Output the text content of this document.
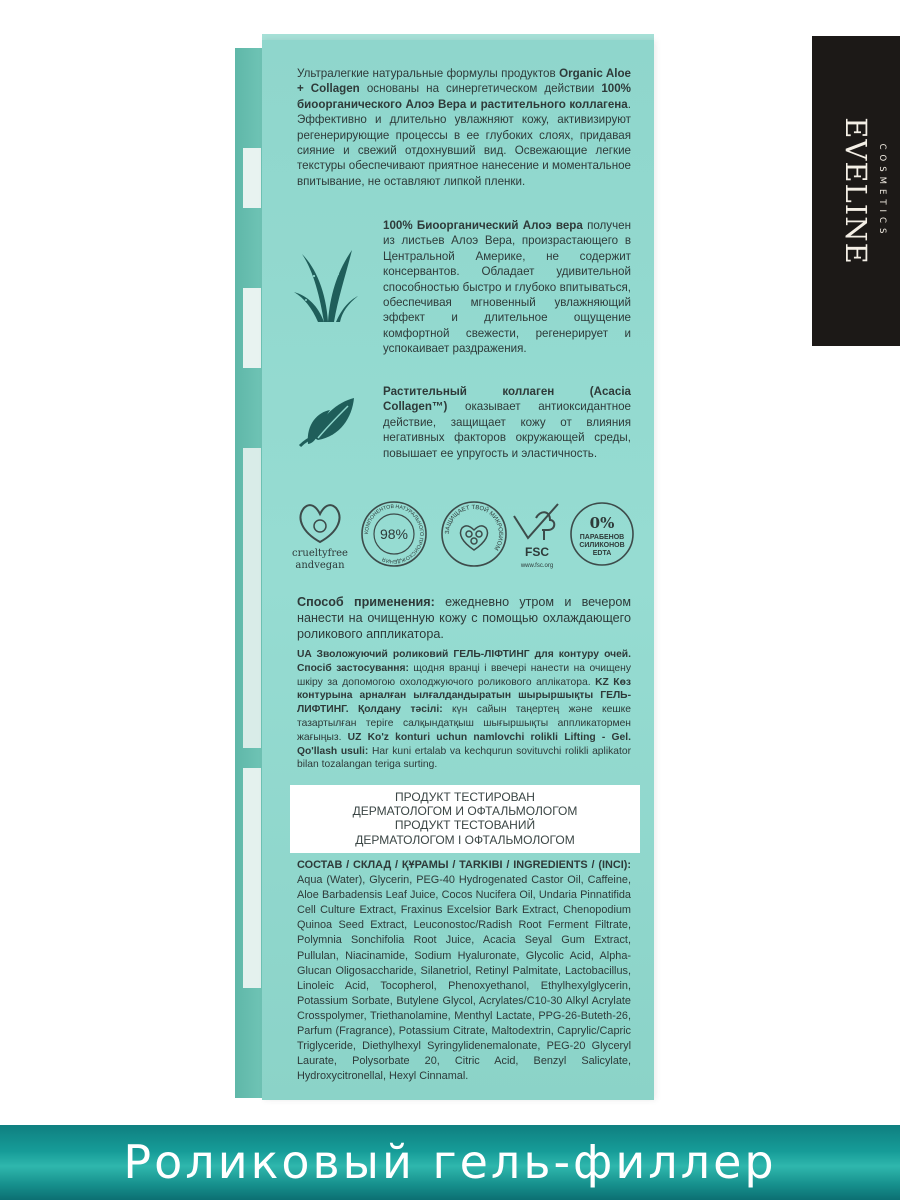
Ультралегкие натуральные формулы продуктов Organic Aloe + Collagen основаны на синергетическом действии 100% биоорганического Алоэ Вера и растительного коллагена. Эффективно и длительно увлажняют кожу, активизируют регенерирующие процессы в ее глубоких слоях, придавая сияние и свежий отдохнувший вид. Освежающие легкие текстуры обеспечивают приятное нанесение и моментальное впитывание, не оставляют липкой пленки.
100% Биоорганический Алоэ вера получен из листьев Алоэ Вера, произрастающего в Центральной Америке, не содержит консервантов. Обладает удивительной способностью быстро и глубоко впитываться, обеспечивая мгновенный увлажняющий эффект и длительное ощущение комфортной свежести, регенерирует и успокаивает раздражения.
Растительный коллаген (Acacia Collagen™) оказывает антиоксидантное действие, защищает кожу от влияния негативных факторов окружающей среды, повышает ее упругость и эластичность.
crueltyfree
andvegan
КОМПОНЕНТОВ НАТУРАЛЬНОГО ПРОИСХОЖДЕНИЯ
98%	ЗАЩИЩАЕТ ТВОЙ МИКРОБИОМ FSC
www.fsc.org
0%
ПАРАБЕНОВ
СИЛИКОНОВ
EDTA
Способ применения: ежедневно утром и вечером нанести на очищенную кожу с помощью охлаждающего роликового аппликатора.
UA Зволожуючий роликовий ГЕЛЬ-ЛІФТИНГ для контуру очей. Спосіб застосування: щодня вранці і ввечері нанести на очищену шкіру за допомогою охолоджуючого роликового аплікатора. KZ Көз контурына арналған ылғалдандыратын шырыршықты ГЕЛЬ-ЛИФТИНГ. Қолдану тәсілі: күн сайын таңертең және кешке тазартылған теріге салқындатқыш шығыршықты аппликатормен жағыңыз. UZ Ko'z konturi uchun namlovchi rolikli Lifting - Gel. Qo'llash usuli: Har kuni ertalab va kechqurun sovituvchi rolikli aplikator bilan tozalangan teriga surting.
ПРОДУКТ ТЕСТИРОВАН
ДЕРМАТОЛОГОМ И ОФТАЛЬМОЛОГОМ
ПРОДУКТ ТЕСТОВАНИЙ
ДЕРМАТОЛОГОМ І ОФТАЛЬМОЛОГОМ
СОСТАВ / СКЛАД / ҚҰРАМЫ / TARKIBI / INGREDIENTS / (INCI): Aqua (Water), Glycerin, PEG-40 Hydrogenated Castor Oil, Caffeine, Aloe Barbadensis Leaf Juice, Cocos Nucifera Oil, Undaria Pinnatifida Cell Culture Extract, Fraxinus Excelsior Bark Extract, Chenopodium Quinoa Seed Extract, Leuconostoc/Radish Root Ferment Filtrate, Polymnia Sonchifolia Root Juice, Acacia Seyal Gum Extract, Pullulan, Niacinamide, Sodium Hyaluronate, Glycolic Acid, Alpha-Glucan Oligosaccharide, Silanetriol, Retinyl Palmitate, Lactobacillus, Linoleic Acid, Tocopherol, Phenoxyethanol, Ethylhexylglycerin, Potassium Sorbate, Butylene Glycol, Acrylates/C10-30 Alkyl Acrylate Crosspolymer, Triethanolamine, Menthyl Lactate, PPG-26-Buteth-26, Parfum (Fragrance), Potassium Citrate, Maltodextrin, Caprylic/Capric Triglyceride, Diethylhexyl Syringylidenemalonate, PEG-20 Glyceryl Laurate, Polysorbate 20, Citric Acid, Benzyl Salicylate, Hydroxycitronellal, Hexyl Cinnamal.
EVELINE COSMETICS
Роликовый гель-филлер
